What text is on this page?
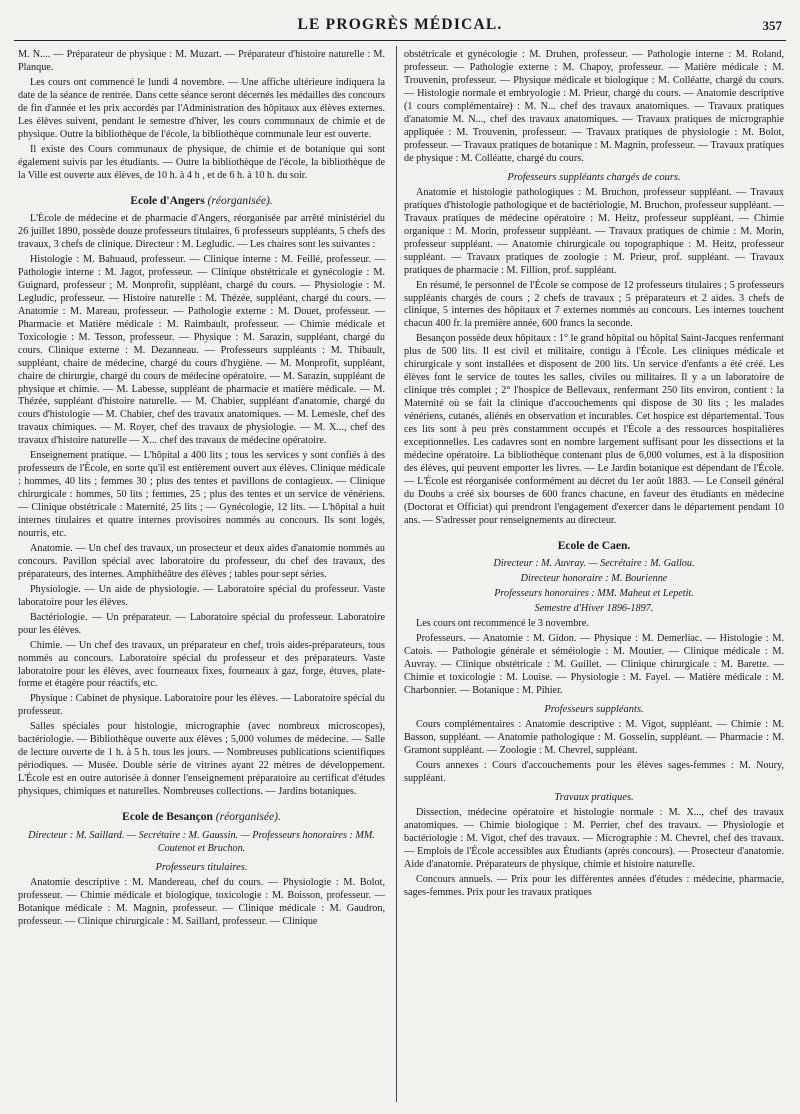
LE PROGRÈS MÉDICAL.	357

M. N.... — Préparateur de physique : M. Muzart. — Préparateur d'histoire naturelle : M. Planque.

Les cours ont commencé le lundi 4 novembre. — Une affiche ultérieure indiquera la date de la séance de rentrée. Dans cette séance seront décernés les médailles des concours de fin d'année et les prix accordés par l'Administration des hôpitaux aux élèves externes. Les élèves suivent, pendant le semestre d'hiver, les cours communaux de chimie et de physique. Outre la bibliothèque de l'école, la bibliothèque communale leur est ouverte.

Il existe des Cours communaux de physique, de chimie et de botanique qui sont également suivis par les étudiants. — Outre la bibliothèque de l'école, la bibliothèque de la Ville est ouverte aux élèves, de 10 h. à 4 h , et de 6 h. à 10 h. du soir.

Ecole d'Angers (réorganisée).

L'École de médecine et de pharmacie d'Angers, réorganisée par arrêté ministériel du 26 juillet 1890, possède douze professeurs titulaires, 6 professeurs suppléants, 5 chefs des travaux, 3 chefs de clinique. Directeur : M. Legludic. — Les chaires sont les suivantes :

Histologie : M. Bahuaud, professeur. — Clinique interne : M. Feillé, professeur. — Pathologie interne : M. Jagot, professeur. — Clinique obstétricale et gynécologie : M. Guignard, professeur ; M. Monprofit, suppléant, chargé du cours. — Physiologie : M. Legludic, professeur. — Histoire naturelle : M. Thézée, suppléant, chargé du cours. — Anatomie : M. Mareau, professeur. — Pathologie externe : M. Douet, professeur. — Pharmacie et Matière médicale : M. Raimbault, professeur. — Chimie médicale et Toxicologie : M. Tesson, professeur. — Physique : M. Sarazin, suppléant, chargé du cours. Clinique externe : M. Dezanneau. — Professeurs suppléants : M. Thibault, suppléant, chaire de médecine, chargé du cours d'hygiène. — M. Monprofit, suppléant, chaire de chirurgie, chargé du cours de médecine opératoire. — M. Sarazin, suppléant de physique et chimie. — M. Labesse, suppléant de pharmacie et matière médicale. — M. Thézée, suppléant d'histoire naturelle. — M. Chabier, suppléant d'anatomie, chargé du cours d'histologie — M. Chabier, chef des travaux anatomiques. — M. Lemesle, chef des travaux chimiques. — M. Royer, chef des travaux de physiologie. — M. X..., chef des travaux d'histoire naturelle — X... chef des travaux de médecine opératoire.

Enseignement pratique. — L'hôpital a 400 lits ; tous les services y sont confiés à des professeurs de l'École, en sorte qu'il est entièrement ouvert aux élèves. Clinique médicale : hommes, 40 lits ; femmes 30 ; plus des tentes et pavillons de contagieux. — Clinique chirurgicale : hommes, 50 lits ; femmes, 25 ; plus des tentes et un service de vénériens. — Clinique obstétricale : Maternité, 25 lits ; — Gynécologie, 12 lits. — L'hôpital a huit internes titulaires et quatre internes provisoires nommés au concours. Ils sont logés, nourris, etc.

Anatomie. — Un chef des travaux, un prosecteur et deux aides d'anatomie nommés au concours. Pavillon spécial avec laboratoire du professeur, du chef des travaux, des préparateurs, des internes. Amphithéâtre des élèves ; tables pour sept séries.

Physiologie. — Un aide de physiologie. — Laboratoire spécial du professeur. Vaste laboratoire pour les élèves.

Bactériologie. — Un préparateur. — Laboratoire spécial du professeur. Laboratoire pour les élèves.

Chimie. — Un chef des travaux, un préparateur en chef, trois aides-préparateurs, tous nommés au concours. Laboratoire spécial du professeur et des préparateurs. Vaste laboratoire pour les élèves, avec fourneaux fixes, fourneaux à gaz, forge, étuves, plate-forme et étagère pour réactifs, etc.

Physique : Cabinet de physique. Laboratoire pour les élèves. — Laboratoire spécial du professeur.

Salles spéciales pour histologie, micrographie (avec nombreux microscopes), bactériologie. — Bibliothèque ouverte aux élèves ; 5,000 volumes de médecine. — Salle de lecture ouverte de 1 h. à 5 h. tous les jours. — Nombreuses publications scientifiques périodiques. — Musée. Double série de vitrines ayant 22 mètres de développement. L'École est en outre autorisée à donner l'enseignement préparatoire au certificat d'études physiques, chimiques et naturelles. Nombreuses collections. — Jardins botaniques.

Ecole de Besançon (réorganisée).

Directeur : M. Saillard. — Secrétaire : M. Gaussin. — Professeurs honoraires : MM. Coutenot et Bruchon.

Professeurs titulaires.

Anatomie descriptive : M. Mandereau, chef du cours. — Physiologie : M. Bolot, professeur. — Chimie médicale et biologique, toxicologie : M. Boisson, professeur. — Botanique médicale : M. Magnin, professeur. — Clinique médicale : M. Gaudron, professeur. — Clinique chirurgicale : M. Saillard, professeur. — Clinique

obstétricale et gynécologie : M. Druhen, professeur. — Pathologie interne : M. Roland, professeur. — Pathologie externe : M. Chapoy, professeur. — Matière médicale : M. Trouvenin, professeur. — Physique médicale et biologique : M. Colléatte, chargé du cours. — Histologie normale et embryologie : M. Prieur, chargé du cours. — Anatomie descriptive (1 cours complémentaire) : M. N... chef des travaux anatomiques. — Travaux pratiques d'anatomie M. N..., chef des travaux anatomiques. — Travaux pratiques de micrographie appliquée : M. Trouvenin, professeur. — Travaux pratiques de physiologie : M. Bolot, professeur. — Travaux pratiques de botanique : M. Magnin, professeur. — Travaux pratiques de physique : M. Colléatte, chargé du cours.

Professeurs suppléants chargés de cours.

Anatomie et histologie pathologiques : M. Bruchon, professeur suppléant. — Travaux pratiques d'histologie pathologique et de bactériologie, M. Bruchon, professeur suppléant. — Travaux pratiques de médecine opératoire : M. Heitz, professeur suppléant. — Chimie organique : M. Morin, professeur suppléant. — Travaux pratiques de chimie : M. Morin, professeur suppléant. — Anatomie chirurgicale ou topographique : M. Heitz, professeur suppléant. — Travaux pratiques de zoologie : M. Prieur, prof. suppléant. — Travaux pratiques de pharmacie : M. Fillion, prof. suppléant.

En résumé, le personnel de l'École se compose de 12 professeurs titulaires ; 5 professeurs suppléants chargés de cours ; 2 chefs de travaux ; 5 préparateurs et 2 aides. 3 chefs de clinique, 5 internes des hôpitaux et 7 externes nommés au concours. Les internes touchent chacun 400 fr. la première année, 600 francs la seconde.

Besançon possède deux hôpitaux : 1° le grand hôpital ou hôpital Saint-Jacques renfermant plus de 500 lits. Il est civil et militaire, contigu à l'École. Les cliniques médicale et chirurgicale y sont installées et disposent de 200 lits. Un service d'enfants a été créé. Les élèves font le service de toutes les salles, civiles ou militaires. Il y a un laboratoire de clinique très complet ; 2° l'hospice de Bellevaux, renfermant 250 lits environ, contient : la Maternité où se fait la clinique d'accouchements qui dispose de 30 lits ; les malades vénériens, cutanés, aliénés en observation et incurables. Cet hospice est départemental. Tous ces lits sont à peu près constamment occupés et l'École a des ressources hospitalières exceptionnelles. Les cadavres sont en nombre largement suffisant pour les dissections et la médecine opératoire. La bibliothèque contenant plus de 6,000 volumes, est à la disposition des élèves, qui peuvent emporter les livres. — Le Jardin botanique est dépendant de l'École. — L'École est réorganisée conformément au décret du 1er août 1883. — Le Conseil général du Doubs a créé six bourses de 600 francs chacune, en faveur des étudiants en médecine (Doctorat et Officiat) qui prendront l'engagement d'exercer dans le département pendant 10 ans. — S'adresser pour renseignements au directeur.

Ecole de Caen.

Directeur : M. Auvray. — Secrétaire : M. Gallou.

Directeur honoraire : M. Bourienne

Professeurs honoraires : MM. Maheut et Lepetit.

Semestre d'Hiver 1896-1897.

Les cours ont recommencé le 3 novembre.

Professeurs. — Anatomie : M. Gidon. — Physique : M. Demerliac. — Histologie : M. Catois. — Pathologie générale et séméiologie : M. Moutier. — Clinique médicale : M. Auvray. — Clinique obstétricale : M. Guillet. — Clinique chirurgicale : M. Barette. — Chimie et toxicologie : M. Louise. — Physiologie : M. Fayel. — Matière médicale : M. Charbonnier. — Botanique : M. Pihier.

Professeurs suppléants.

Cours complémentaires : Anatomie descriptive : M. Vigot, suppléant. — Chimie : M. Basson, suppléant. — Anatomie pathologique : M. Gosselin, suppléant. — Pharmacie : M. Gramont suppléant. — Zoologie : M. Chevrel, suppléant.

Cours annexes : Cours d'accouchements pour les élèves sages-femmes : M. Noury, suppléant.

Travaux pratiques.

Dissection, médecine opératoire et histologie normale : M. X..., chef des travaux anatomiques. — Chimie biologique : M. Perrier, chef des travaux. — Physiologie et bactériologie : M. Vigot, chef des travaux. — Micrographie : M. Chevrel, chef des travaux. — Emplois de l'École accessibles aux Étudiants (après concours). — Prosecteur d'anatomie. Aide d'anatomie. Préparateurs de physique, chimie et histoire naturelle.

Concours annuels. — Prix pour les différentes années d'études : médecine, pharmacie, sages-femmes. Prix pour les travaux pratiques
